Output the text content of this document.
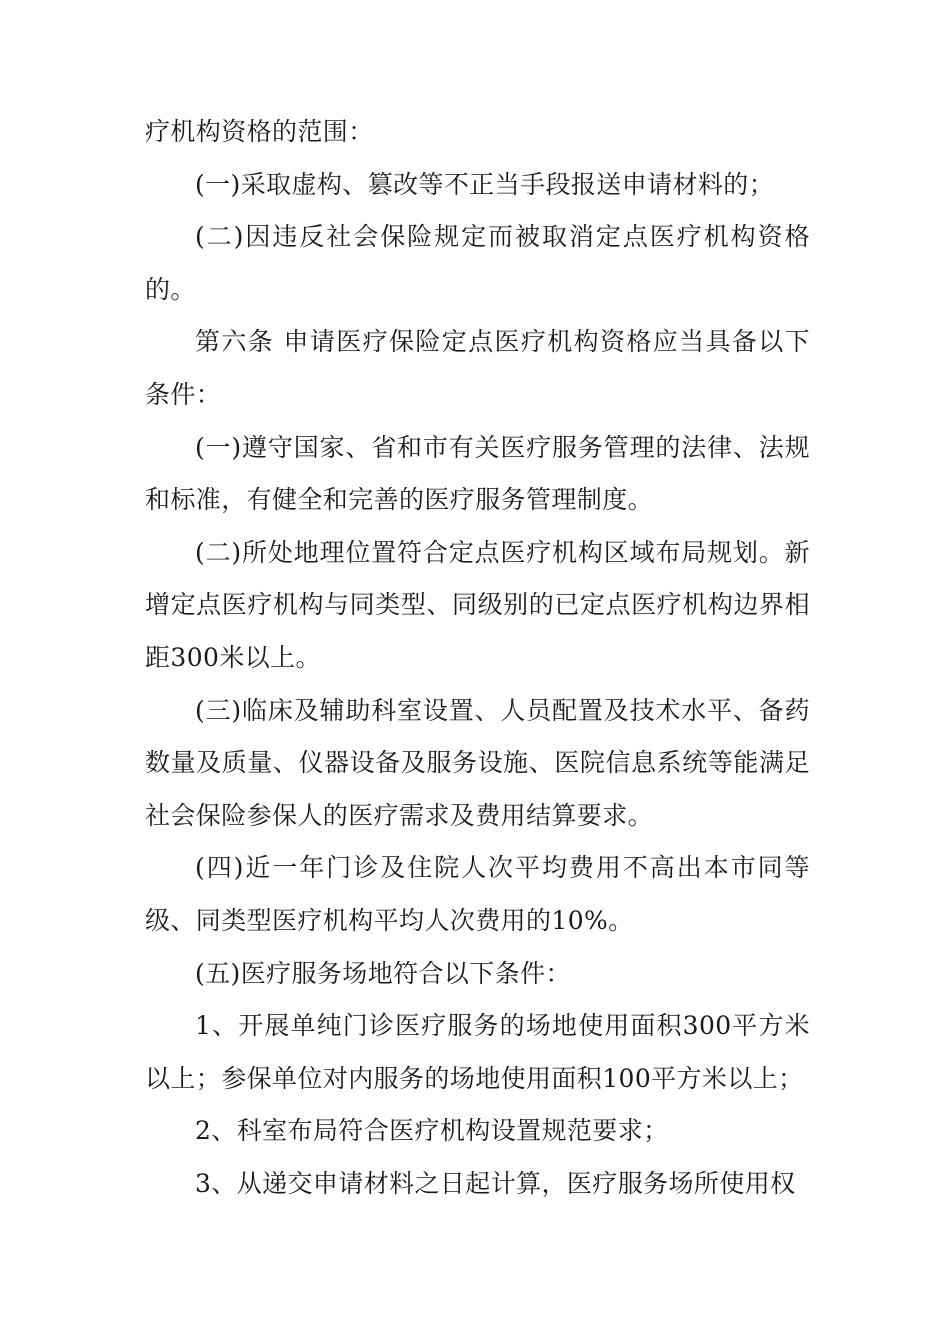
疗机构资格的范围：

(一)采取虚构、篡改等不正当手段报送申请材料的；

(二)因违反社会保险规定而被取消定点医疗机构资格的。

第六条 申请医疗保险定点医疗机构资格应当具备以下条件：

(一)遵守国家、省和市有关医疗服务管理的法律、法规和标准，有健全和完善的医疗服务管理制度。

(二)所处地理位置符合定点医疗机构区域布局规划。新增定点医疗机构与同类型、同级别的已定点医疗机构边界相距300米以上。

(三)临床及辅助科室设置、人员配置及技术水平、备药数量及质量、仪器设备及服务设施、医院信息系统等能满足社会保险参保人的医疗需求及费用结算要求。

(四)近一年门诊及住院人次平均费用不高出本市同等级、同类型医疗机构平均人次费用的10%。

(五)医疗服务场地符合以下条件：

1、开展单纯门诊医疗服务的场地使用面积300平方米以上；参保单位对内服务的场地使用面积100平方米以上；

2、科室布局符合医疗机构设置规范要求；

3、从递交申请材料之日起计算，医疗服务场所使用权
